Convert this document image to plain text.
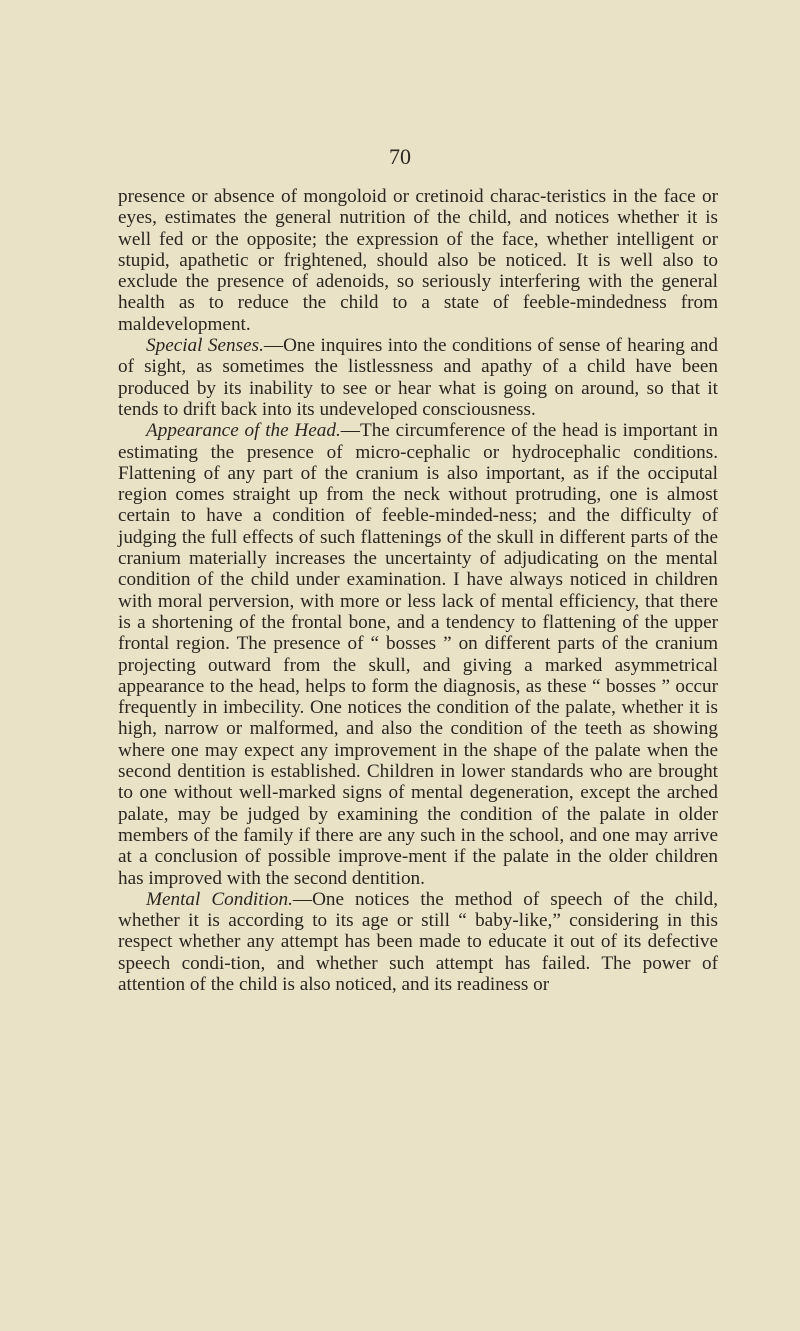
70

presence or absence of mongoloid or cretinoid charac-teristics in the face or eyes, estimates the general nutrition of the child, and notices whether it is well fed or the opposite; the expression of the face, whether intelligent or stupid, apathetic or frightened, should also be noticed. It is well also to exclude the presence of adenoids, so seriously interfering with the general health as to reduce the child to a state of feeble-mindedness from maldevelopment.

Special Senses.—One inquires into the conditions of sense of hearing and of sight, as sometimes the listlessness and apathy of a child have been produced by its inability to see or hear what is going on around, so that it tends to drift back into its undeveloped consciousness.

Appearance of the Head.—The circumference of the head is important in estimating the presence of micro-cephalic or hydrocephalic conditions. Flattening of any part of the cranium is also important, as if the occiputal region comes straight up from the neck without protruding, one is almost certain to have a condition of feeble-minded-ness; and the difficulty of judging the full effects of such flattenings of the skull in different parts of the cranium materially increases the uncertainty of adjudicating on the mental condition of the child under examination. I have always noticed in children with moral perversion, with more or less lack of mental efficiency, that there is a shortening of the frontal bone, and a tendency to flattening of the upper frontal region. The presence of “ bosses ” on different parts of the cranium projecting outward from the skull, and giving a marked asymmetrical appearance to the head, helps to form the diagnosis, as these “ bosses ” occur frequently in imbecility. One notices the condition of the palate, whether it is high, narrow or malformed, and also the condition of the teeth as showing where one may expect any improvement in the shape of the palate when the second dentition is established. Children in lower standards who are brought to one without well-marked signs of mental degeneration, except the arched palate, may be judged by examining the condition of the palate in older members of the family if there are any such in the school, and one may arrive at a conclusion of possible improve-ment if the palate in the older children has improved with the second dentition.

Mental Condition.—One notices the method of speech of the child, whether it is according to its age or still “ baby-like,” considering in this respect whether any attempt has been made to educate it out of its defective speech condi-tion, and whether such attempt has failed. The power of attention of the child is also noticed, and its readiness or
